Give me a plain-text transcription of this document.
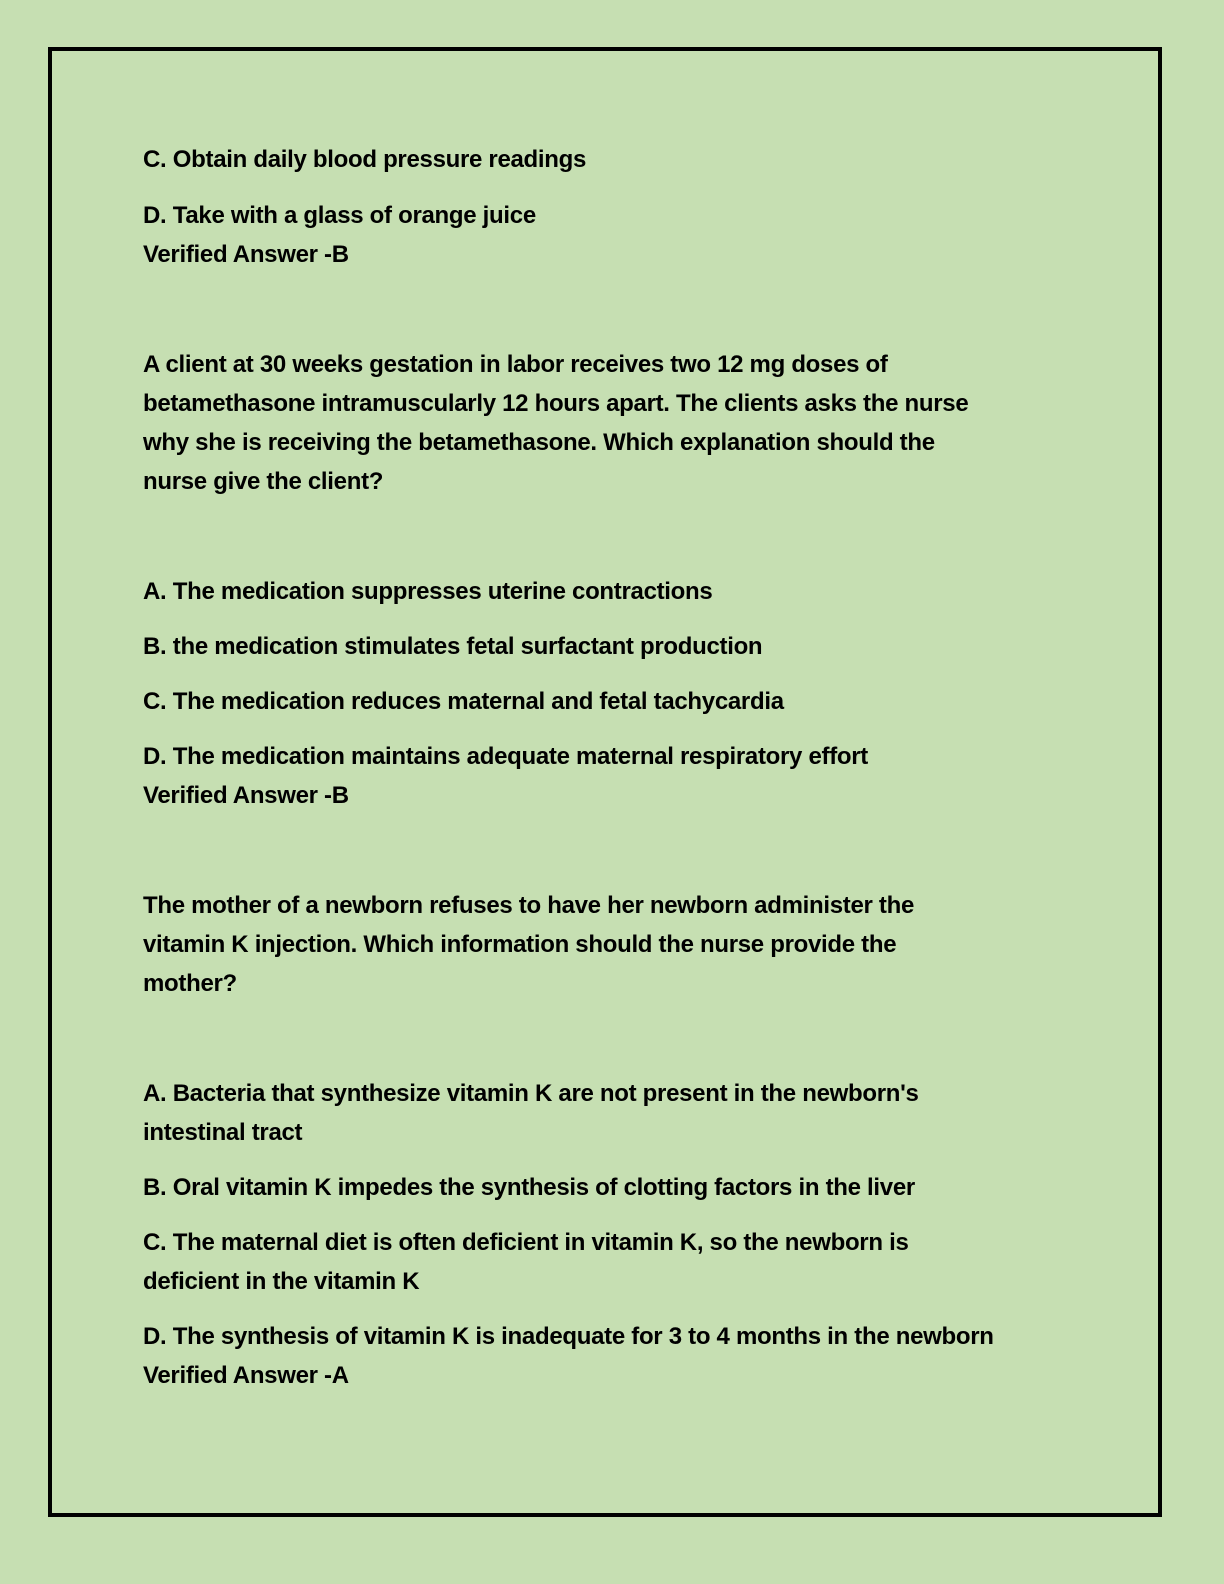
C. Obtain daily blood pressure readings
D. Take with a glass of orange juice
Verified Answer -B
A client at 30 weeks gestation in labor receives two 12 mg doses of
betamethasone intramuscularly 12 hours apart. The clients asks the nurse
why she is receiving the betamethasone. Which explanation should the
nurse give the client?
A. The medication suppresses uterine contractions
B. the medication stimulates fetal surfactant production
C. The medication reduces maternal and fetal tachycardia
D. The medication maintains adequate maternal respiratory effort
Verified Answer -B
The mother of a newborn refuses to have her newborn administer the
vitamin K injection. Which information should the nurse provide the
mother?
A. Bacteria that synthesize vitamin K are not present in the newborn's
intestinal tract
B. Oral vitamin K impedes the synthesis of clotting factors in the liver
C. The maternal diet is often deficient in vitamin K, so the newborn is
deficient in the vitamin K
D. The synthesis of vitamin K is inadequate for 3 to 4 months in the newborn
Verified Answer -A
